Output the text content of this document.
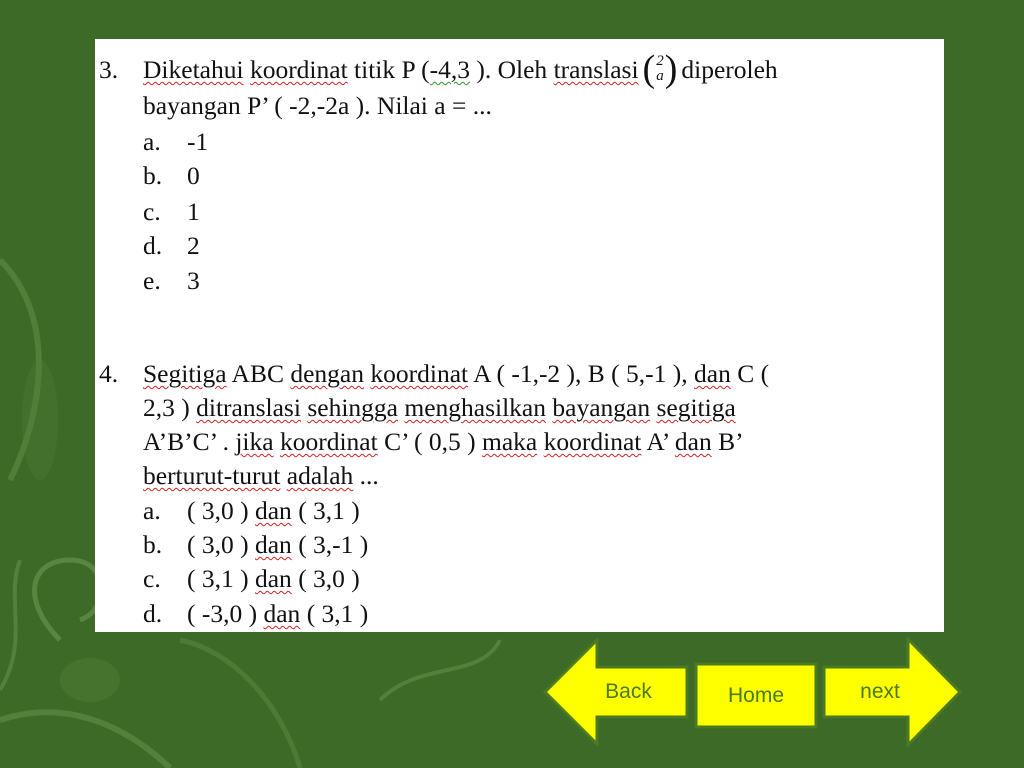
3. Diketahui koordinat titik P (-4,3 ). Oleh translasi ( 2
a ) diperoleh
bayangan P’ ( -2,-2a ). Nilai a = ...
a. -1
b. 0
c. 1
d. 2
e. 3
4. Segitiga ABC dengan koordinat A ( -1,-2 ), B ( 5,-1 ), dan C (
2,3 ) ditranslasi sehingga menghasilkan bayangan segitiga
A’B’C’ . jika koordinat C’ ( 0,5 ) maka koordinat A’ dan B’
berturut-turut adalah ...
a. ( 3,0 ) dan ( 3,1 )
b. ( 3,0 ) dan ( 3,-1 )
c. ( 3,1 ) dan ( 3,0 )
d. ( -3,0 ) dan ( 3,1 )
Back	Home	next
